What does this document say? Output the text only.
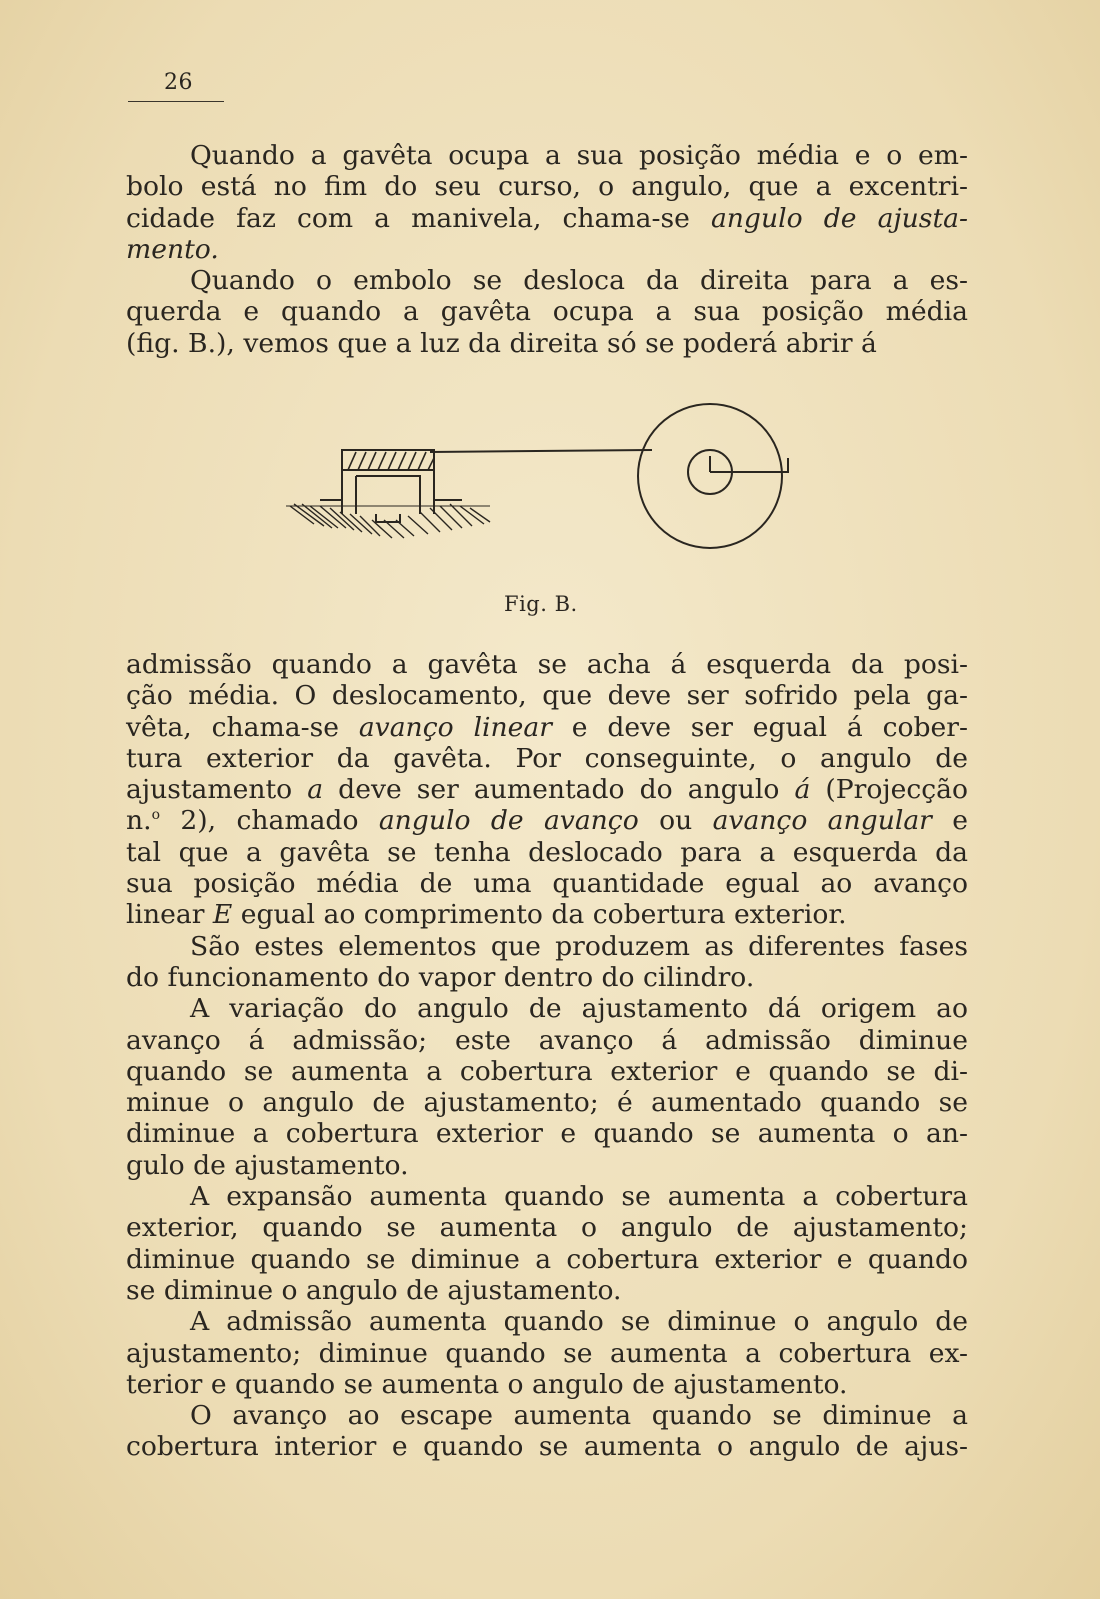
26
Quando a gavêta ocupa a sua posição média e o em-
bolo está no fim do seu curso, o angulo, que a excentri-
cidade faz com a manivela, chama-se angulo de ajusta-
mento.
Quando o embolo se desloca da direita para a es-
querda e quando a gavêta ocupa a sua posição média
(fig. B.), vemos que a luz da direita só se poderá abrir á
Fig. B.
admissão quando a gavêta se acha á esquerda da posi-
ção média. O deslocamento, que deve ser sofrido pela ga-
vêta, chama-se avanço linear e deve ser egual á cober-
tura exterior da gavêta. Por conseguinte, o angulo de
ajustamento a deve ser aumentado do angulo á (Projecção
n.$^o$ 2), chamado angulo de avanço ou avanço angular e
tal que a gavêta se tenha deslocado para a esquerda da
sua posição média de uma quantidade egual ao avanço
linear E egual ao comprimento da cobertura exterior.
São estes elementos que produzem as diferentes fases
do funcionamento do vapor dentro do cilindro.
A variação do angulo de ajustamento dá origem ao
avanço á admissão; este avanço á admissão diminue
quando se aumenta a cobertura exterior e quando se di-
minue o angulo de ajustamento; é aumentado quando se
diminue a cobertura exterior e quando se aumenta o an-
gulo de ajustamento.
A expansão aumenta quando se aumenta a cobertura
exterior, quando se aumenta o angulo de ajustamento;
diminue quando se diminue a cobertura exterior e quando
se diminue o angulo de ajustamento.
A admissão aumenta quando se diminue o angulo de
ajustamento; diminue quando se aumenta a cobertura ex-
terior e quando se aumenta o angulo de ajustamento.
O avanço ao escape aumenta quando se diminue a
cobertura interior e quando se aumenta o angulo de ajus-
